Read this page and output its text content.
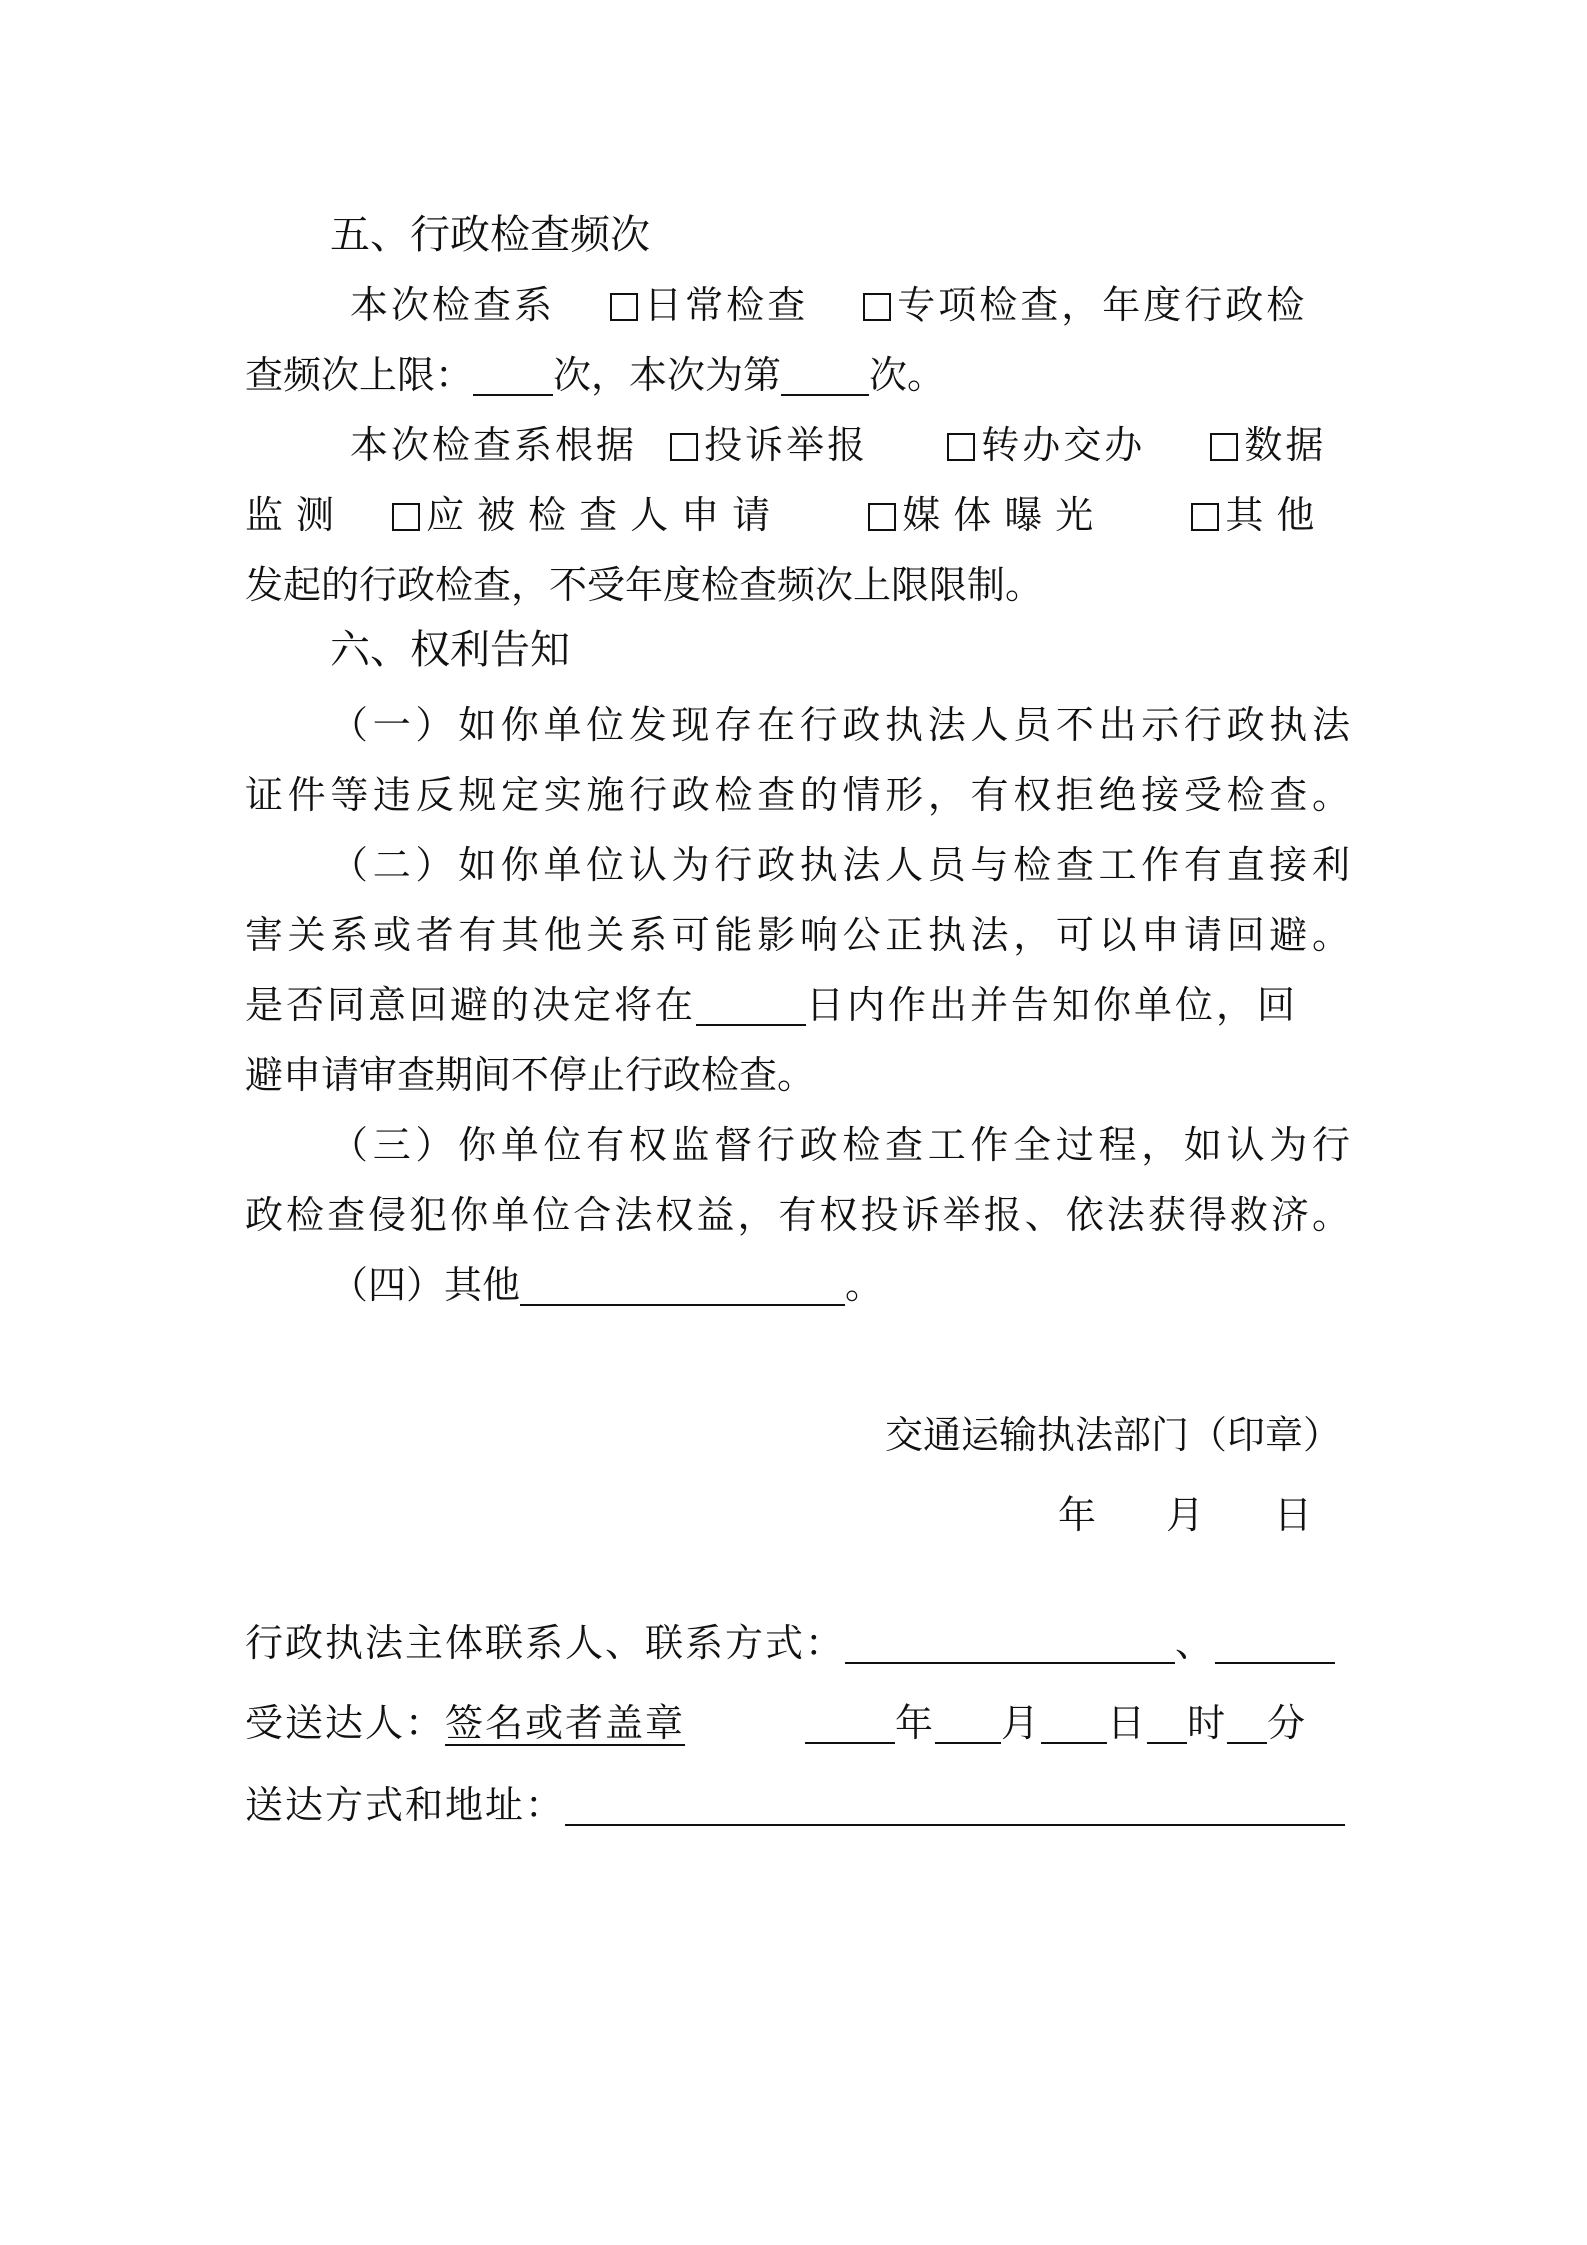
五、行政检查频次
本次检查系 日常检查 专项检查，年度行政检
查频次上限： 次，本次为第 次。
本次检查系根据 投诉举报	转办交办	数据
监测 应被检查人申请	媒体曝光	其他
发起的行政检查，不受年度检查频次上限限制。
六、权利告知
（一）如你单位发现存在行政执法人员不出示行政执法
证件等违反规定实施行政检查的情形，有权拒绝接受检查。
（二）如你单位认为行政执法人员与检查工作有直接利
害关系或者有其他关系可能影响公正执法，可以申请回避。
是否同意回避的决定将在	日内作出并告知你单位，回
避申请审查期间不停止行政检查。
（三）你单位有权监督行政检查工作全过程，如认为行
政检查侵犯你单位合法权益，有权投诉举报、依法获得救济。
（四）其他	。
交通运输执法部门（印章）
年 月 日
行政执法主体联系人、联系方式：	、
受送达人：签名或者盖章	年 月 日 时 分
送达方式和地址：
